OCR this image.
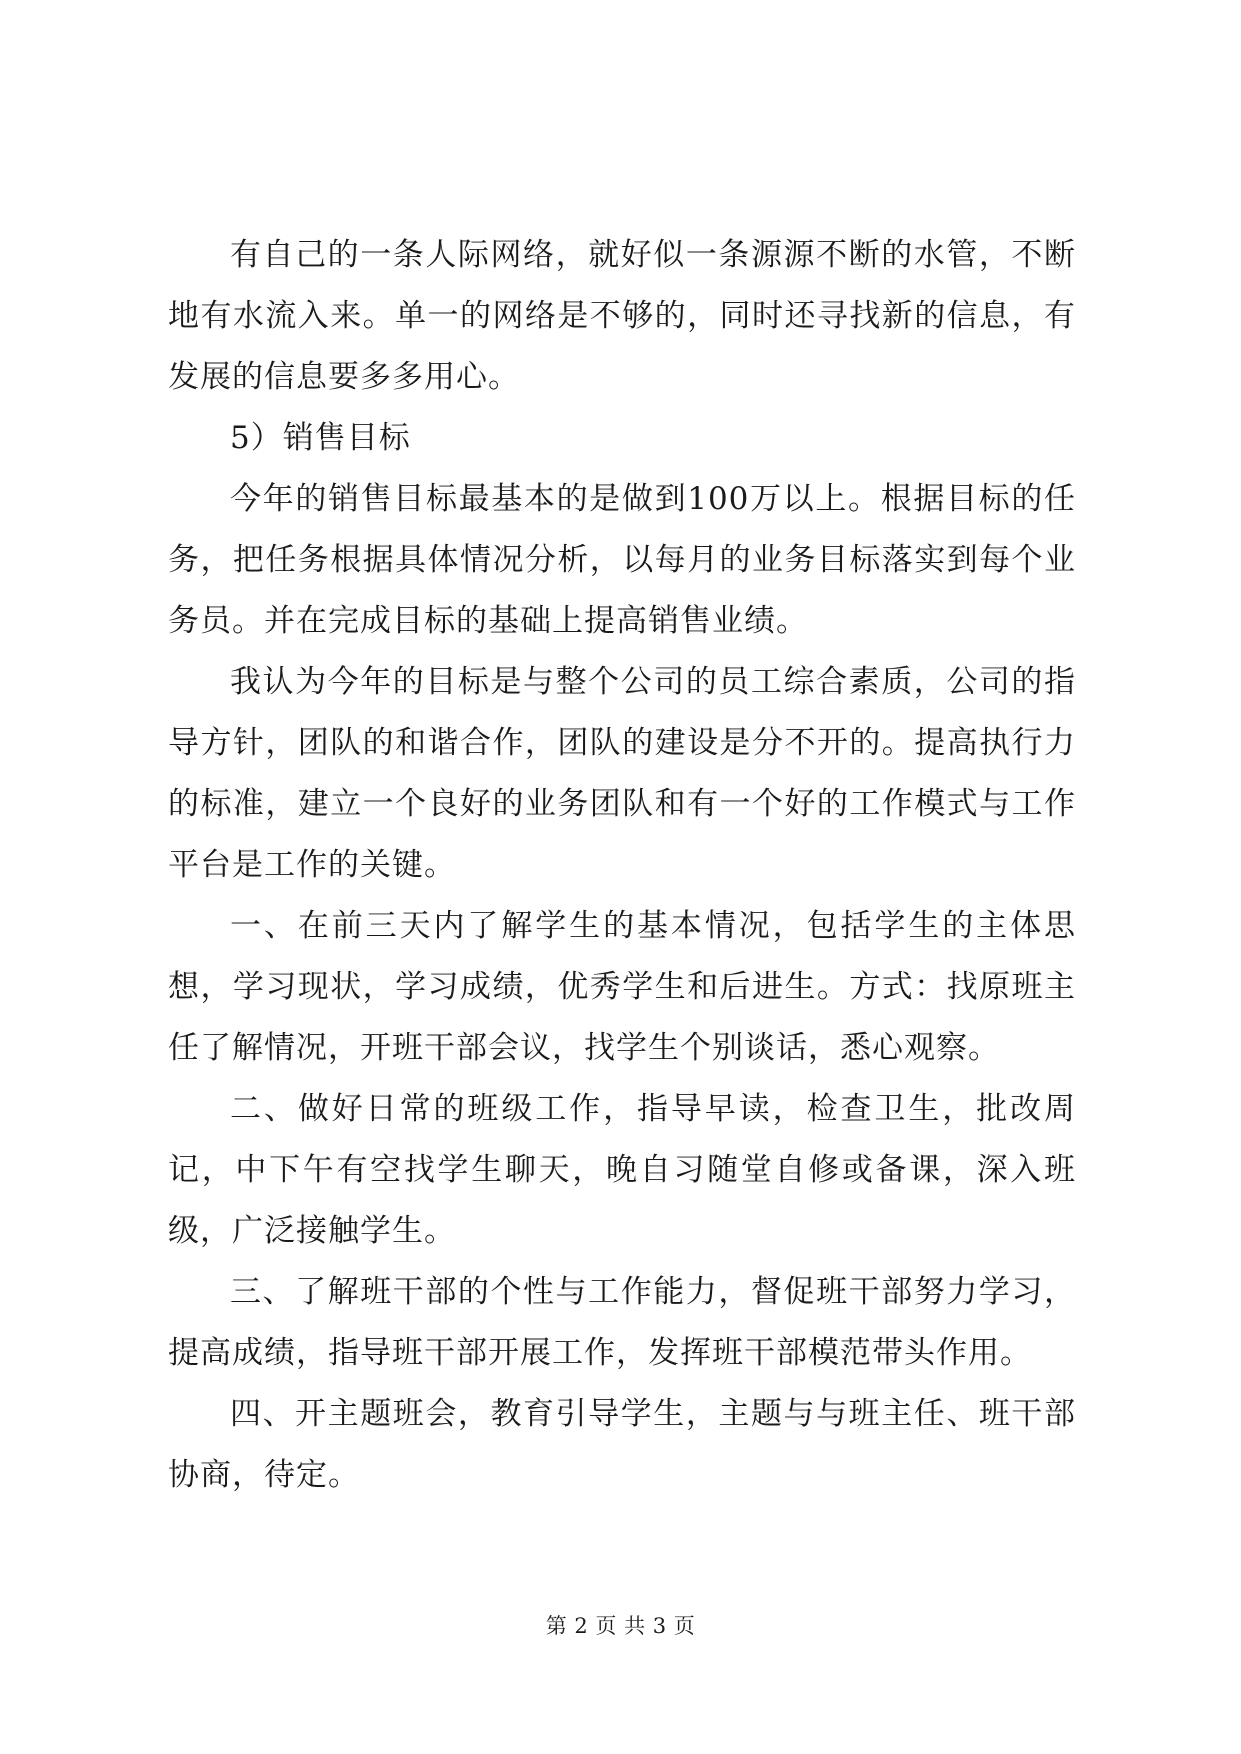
有自己的一条人际网络，就好似一条源源不断的水管，不断地有水流入来。单一的网络是不够的，同时还寻找新的信息，有发展的信息要多多用心。

5）销售目标

今年的销售目标最基本的是做到100万以上。根据目标的任务，把任务根据具体情况分析，以每月的业务目标落实到每个业务员。并在完成目标的基础上提高销售业绩。

我认为今年的目标是与整个公司的员工综合素质，公司的指导方针，团队的和谐合作，团队的建设是分不开的。提高执行力的标准，建立一个良好的业务团队和有一个好的工作模式与工作平台是工作的关键。

一、在前三天内了解学生的基本情况，包括学生的主体思想，学习现状，学习成绩，优秀学生和后进生。方式：找原班主任了解情况，开班干部会议，找学生个别谈话，悉心观察。

二、做好日常的班级工作，指导早读，检查卫生，批改周记，中下午有空找学生聊天，晚自习随堂自修或备课，深入班级，广泛接触学生。

三、了解班干部的个性与工作能力，督促班干部努力学习，提高成绩，指导班干部开展工作，发挥班干部模范带头作用。

四、开主题班会，教育引导学生，主题与与班主任、班干部协商，待定。

第 2 页 共 3 页
